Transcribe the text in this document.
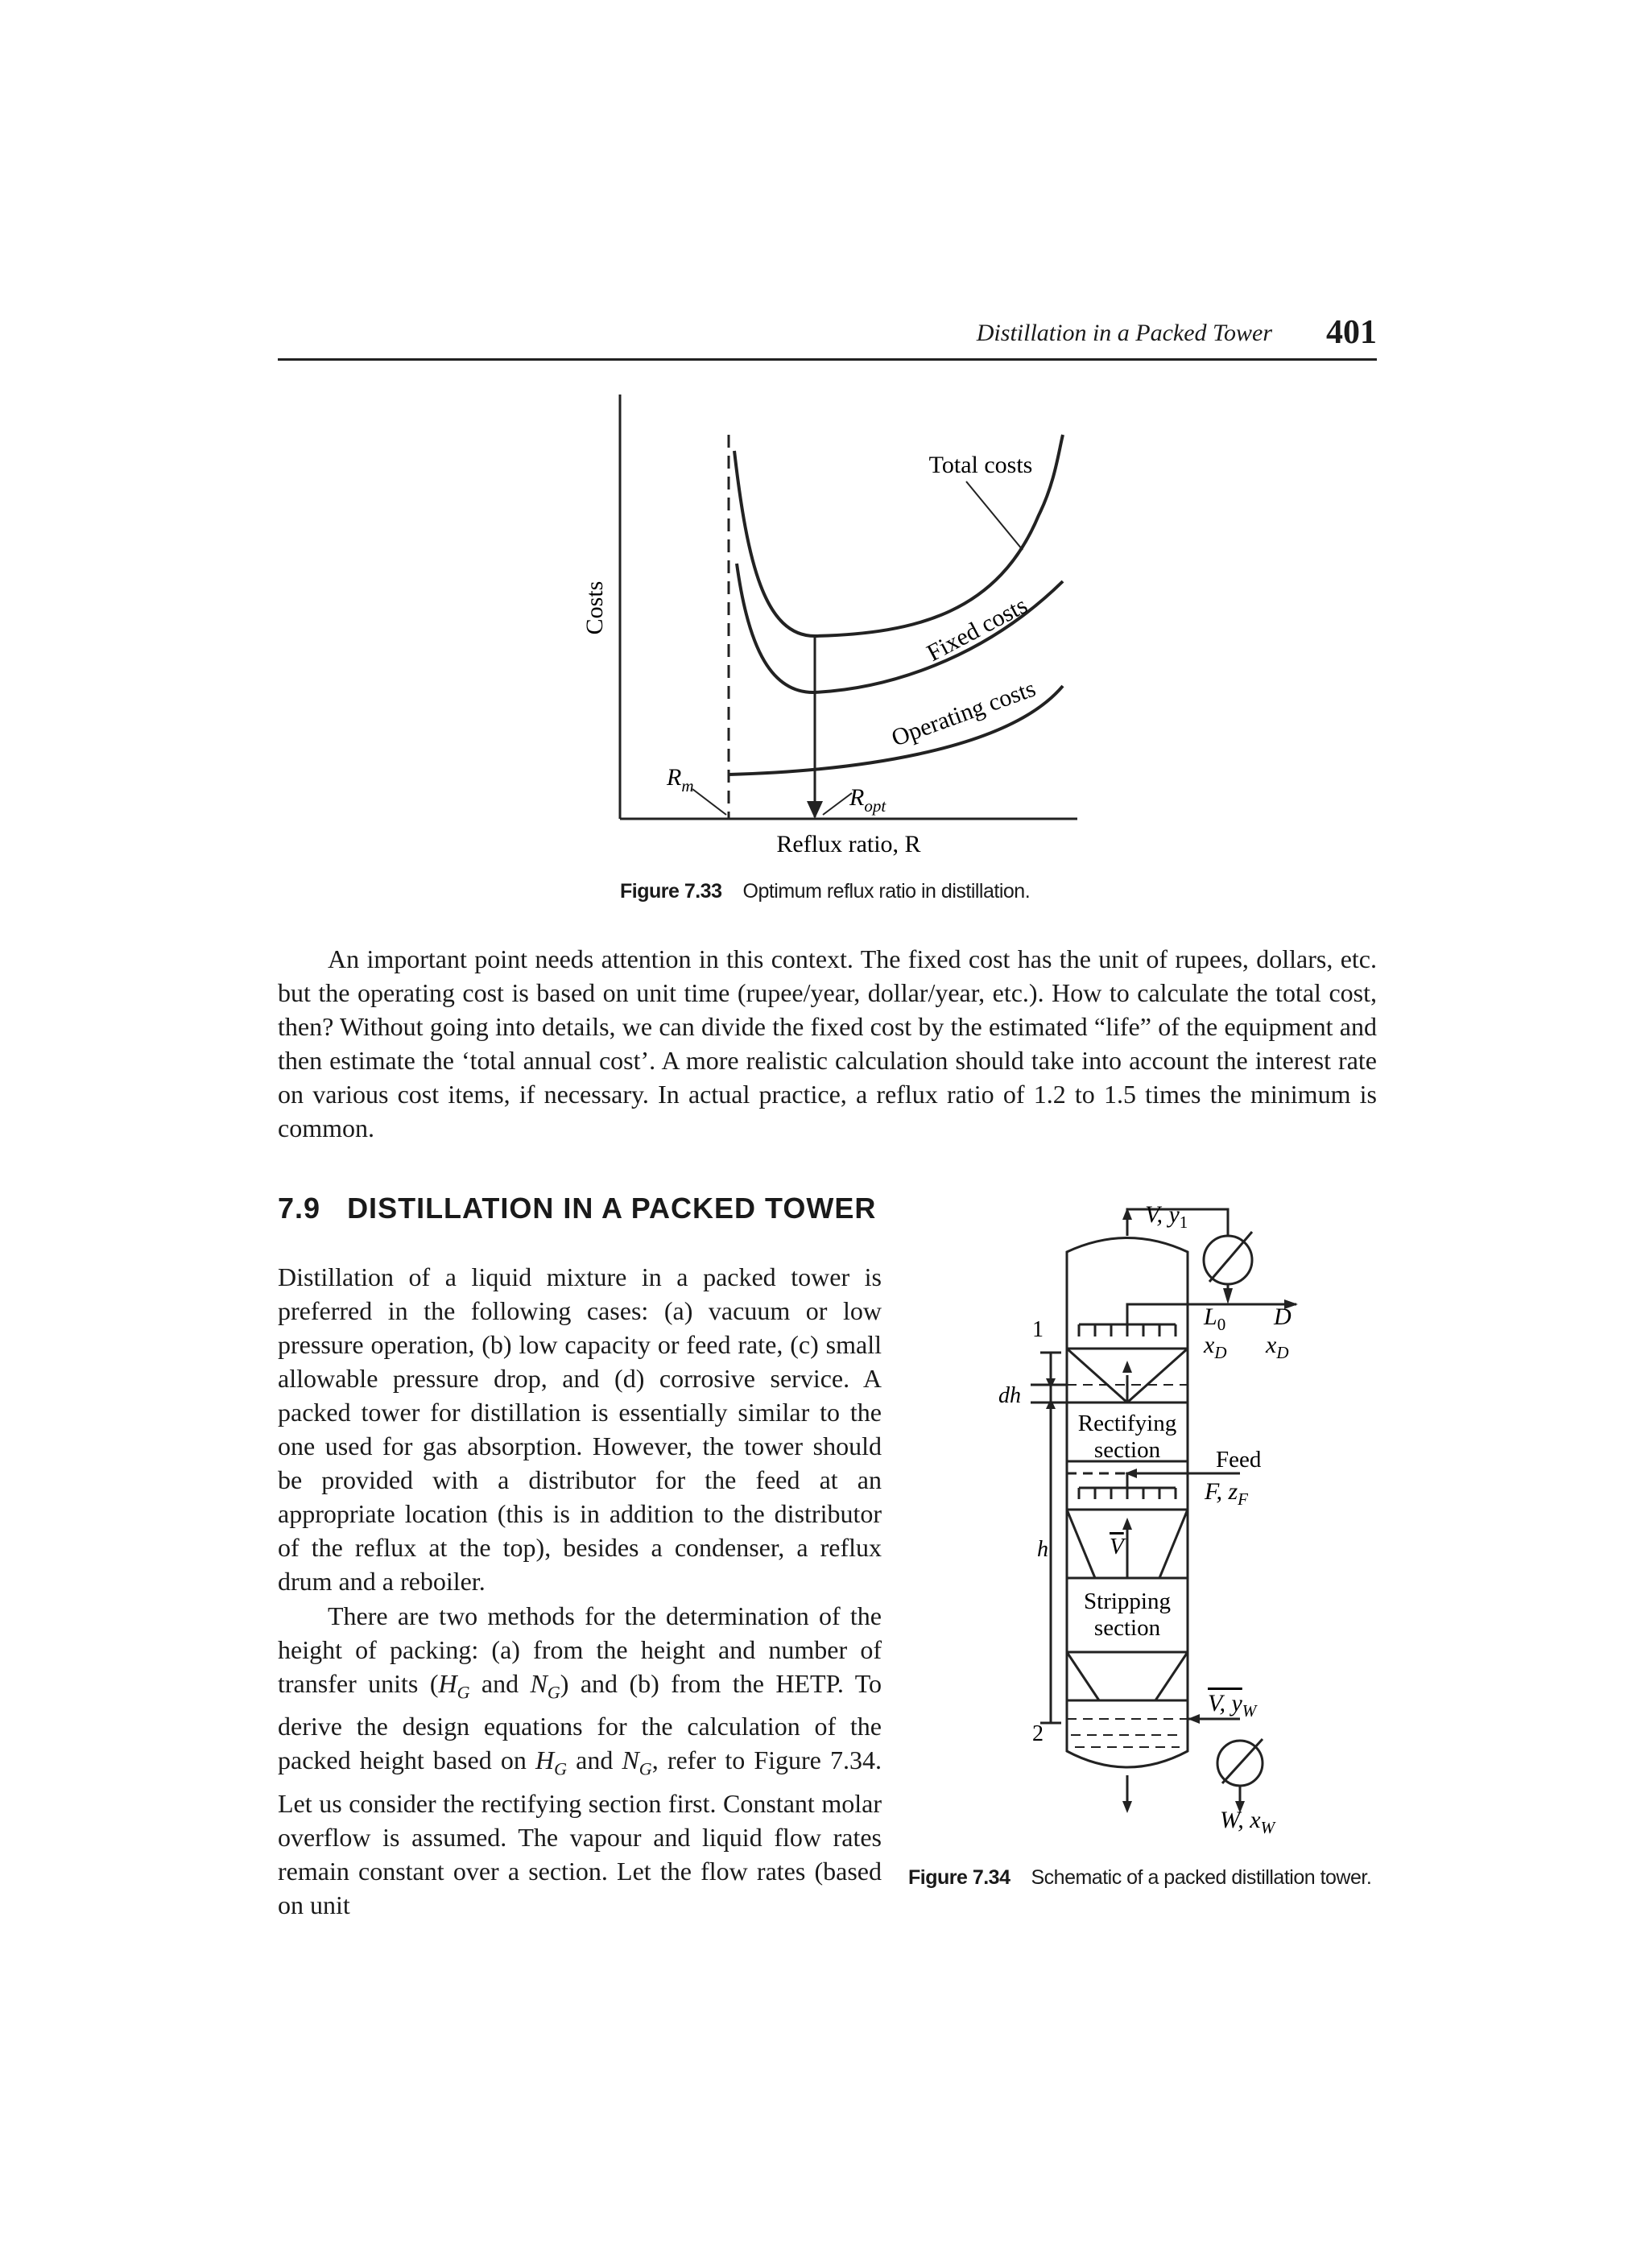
Distillation in a Packed Tower 401
Costs
Reflux ratio, R
Total costs
Fixed costs
Operating costs
$R_m$	$R_{opt}$
Figure 7.33 Optimum reflux ratio in distillation.

An important point needs attention in this context. The fixed cost has the unit of rupees, dollars, etc. but the operating cost is based on unit time (rupee/year, dollar/year, etc.). How to calculate the total cost, then? Without going into details, we can divide the fixed cost by the estimated “life” of the equipment and then estimate the ‘total annual cost’. A more realistic calculation should take into account the interest rate on various cost items, if necessary. In actual practice, a reflux ratio of 1.2 to 1.5 times the minimum is common.

7.9 DISTILLATION IN A PACKED TOWER

Distillation of a liquid mixture in a packed tower is preferred in the following cases: (a) vacuum or low pressure operation, (b) low capacity or feed rate, (c) small allowable pressure drop, and (d) corrosive service. A packed tower for distillation is essentially similar to the one used for gas absorption. However, the tower should be provided with a distributor for the feed at an appropriate location (this is in addition to the distributor of the reflux at the top), besides a condenser, a reflux drum and a reboiler.

There are two methods for the determination of the height of packing: (a) from the height and number of transfer units ($H_G$ and $N_G$) and (b) from the HETP. To derive the design equations for the calculation of the packed height based on $H_G$ and $N_G$, refer to Figure 7.34. Let us consider the rectifying section first. Constant molar overflow is assumed. The vapour and liquid flow rates remain constant over a section. Let the flow rates (based on unit

V, $y_1$
$L_0$ D
$x_D$ $x_D$
1
dh
Rectifying
section Feed
F, $z_F$
h	V
Stripping
section
2
V, $y_W$
W, $x_W$
Figure 7.34 Schematic of a packed distillation tower.
